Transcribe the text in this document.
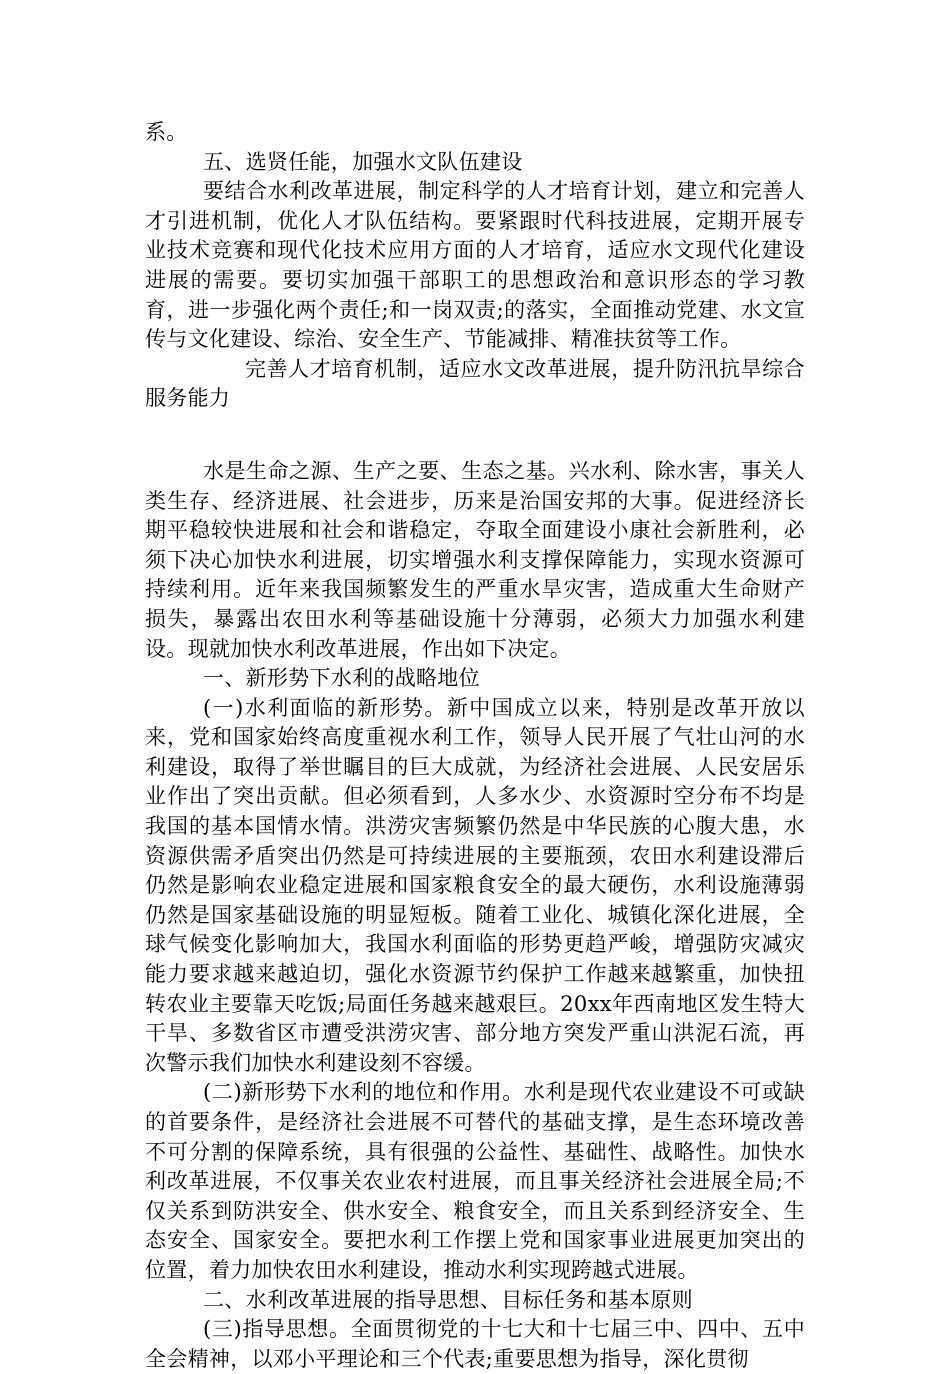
系。

五、选贤任能，加强水文队伍建设

要结合水利改革进展，制定科学的人才培育计划，建立和完善人才引进机制，优化人才队伍结构。要紧跟时代科技进展，定期开展专业技术竞赛和现代化技术应用方面的人才培育，适应水文现代化建设进展的需要。要切实加强干部职工的思想政治和意识形态的学习教育，进一步强化两个责任;和一岗双责;的落实，全面推动党建、水文宣传与文化建设、综治、安全生产、节能减排、精准扶贫等工作。

完善人才培育机制，适应水文改革进展，提升防汛抗旱综合服务能力

水是生命之源、生产之要、生态之基。兴水利、除水害，事关人类生存、经济进展、社会进步，历来是治国安邦的大事。促进经济长期平稳较快进展和社会和谐稳定，夺取全面建设小康社会新胜利，必须下决心加快水利进展，切实增强水利支撑保障能力，实现水资源可持续利用。近年来我国频繁发生的严重水旱灾害，造成重大生命财产损失，暴露出农田水利等基础设施十分薄弱，必须大力加强水利建设。现就加快水利改革进展，作出如下决定。

一、新形势下水利的战略地位

(一)水利面临的新形势。新中国成立以来，特别是改革开放以来，党和国家始终高度重视水利工作，领导人民开展了气壮山河的水利建设，取得了举世瞩目的巨大成就，为经济社会进展、人民安居乐业作出了突出贡献。但必须看到，人多水少、水资源时空分布不均是我国的基本国情水情。洪涝灾害频繁仍然是中华民族的心腹大患，水资源供需矛盾突出仍然是可持续进展的主要瓶颈，农田水利建设滞后仍然是影响农业稳定进展和国家粮食安全的最大硬伤，水利设施薄弱仍然是国家基础设施的明显短板。随着工业化、城镇化深化进展，全球气候变化影响加大，我国水利面临的形势更趋严峻，增强防灾减灾能力要求越来越迫切，强化水资源节约保护工作越来越繁重，加快扭转农业主要靠天吃饭;局面任务越来越艰巨。20xx年西南地区发生特大干旱、多数省区市遭受洪涝灾害、部分地方突发严重山洪泥石流，再次警示我们加快水利建设刻不容缓。

(二)新形势下水利的地位和作用。水利是现代农业建设不可或缺的首要条件，是经济社会进展不可替代的基础支撑，是生态环境改善不可分割的保障系统，具有很强的公益性、基础性、战略性。加快水利改革进展，不仅事关农业农村进展，而且事关经济社会进展全局;不仅关系到防洪安全、供水安全、粮食安全，而且关系到经济安全、生态安全、国家安全。要把水利工作摆上党和国家事业进展更加突出的位置，着力加快农田水利建设，推动水利实现跨越式进展。

二、水利改革进展的指导思想、目标任务和基本原则

(三)指导思想。全面贯彻党的十七大和十七届三中、四中、五中全会精神，以邓小平理论和三个代表;重要思想为指导，深化贯彻
